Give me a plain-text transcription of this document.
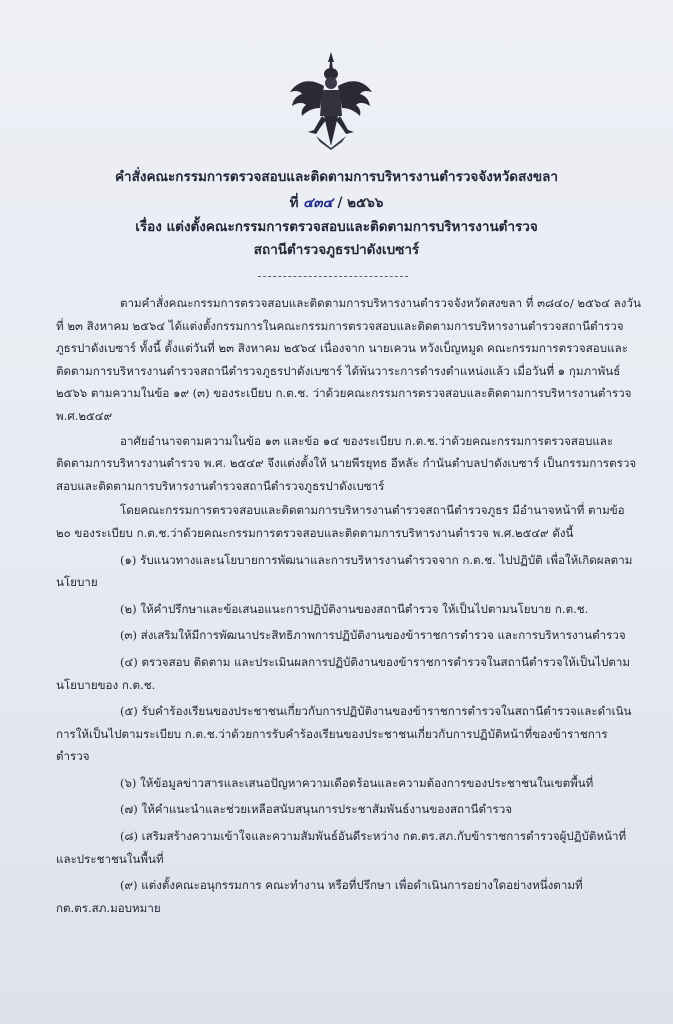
คำสั่งคณะกรรมการตรวจสอบและติดตามการบริหารงานตำรวจจังหวัดสงขลา
ที่ ๔๓๔ / ๒๕๖๖
เรื่อง แต่งตั้งคณะกรรมการตรวจสอบและติดตามการบริหารงานตำรวจ
สถานีตำรวจภูธรปาดังเบซาร์

ตามคำสั่งคณะกรรมการตรวจสอบและติดตามการบริหารงานตำรวจจังหวัดสงขลา ที่ ๓๘๔๐/ ๒๕๖๔ ลงวันที่ ๒๓ สิงหาคม ๒๕๖๔ ได้แต่งตั้งกรรมการในคณะกรรมการตรวจสอบและติดตามการบริหารงานตำรวจสถานีตำรวจภูธรปาดังเบซาร์ ทั้งนี้ ตั้งแต่วันที่ ๒๓ สิงหาคม ๒๕๖๔ เนื่องจาก นายเควน หวังเบ็ญหมูด คณะกรรมการตรวจสอบและติดตามการบริหารงานตำรวจสถานีตำรวจภูธรปาดังเบซาร์ ได้พ้นวาระการดำรงตำแหน่งแล้ว เมื่อวันที่ ๑ กุมภาพันธ์ ๒๕๖๖ ตามความในข้อ ๑๙ (๓) ของระเบียบ ก.ต.ช. ว่าด้วยคณะกรรมการตรวจสอบและติดตามการบริหารงานตำรวจ พ.ศ.๒๕๔๙

อาศัยอำนาจตามความในข้อ ๑๓ และข้อ ๑๔ ของระเบียบ ก.ต.ช.ว่าด้วยคณะกรรมการตรวจสอบและติดตามการบริหารงานตำรวจ พ.ศ. ๒๕๔๙ จึงแต่งตั้งให้ นายพีรยุทธ อีหลัะ กำนันตำบลปาดังเบซาร์ เป็นกรรมการตรวจสอบและติดตามการบริหารงานตำรวจสถานีตำรวจภูธรปาดังเบซาร์

โดยคณะกรรมการตรวจสอบและติดตามการบริหารงานตำรวจสถานีตำรวจภูธร มีอำนาจหน้าที่ ตามข้อ ๒๐ ของระเบียบ ก.ต.ช.ว่าด้วยคณะกรรมการตรวจสอบและติดตามการบริหารงานตำรวจ พ.ศ.๒๕๔๙ ดังนี้

(๑) รับแนวทางและนโยบายการพัฒนาและการบริหารงานตำรวจจาก ก.ต.ช. ไปปฏิบัติ เพื่อให้เกิดผลตามนโยบาย

(๒) ให้คำปรึกษาและข้อเสนอแนะการปฏิบัติงานของสถานีตำรวจ ให้เป็นไปตามนโยบาย ก.ต.ช.

(๓) ส่งเสริมให้มีการพัฒนาประสิทธิภาพการปฏิบัติงานของข้าราชการตำรวจ และการบริหารงานตำรวจ

(๔) ตรวจสอบ ติดตาม และประเมินผลการปฏิบัติงานของข้าราชการตำรวจในสถานีตำรวจให้เป็นไปตามนโยบายของ ก.ต.ช.

(๕) รับคำร้องเรียนของประชาชนเกี่ยวกับการปฏิบัติงานของข้าราชการตำรวจในสถานีตำรวจและดำเนินการให้เป็นไปตามระเบียบ ก.ต.ช.ว่าด้วยการรับคำร้องเรียนของประชาชนเกี่ยวกับการปฏิบัติหน้าที่ของข้าราชการตำรวจ

(๖) ให้ข้อมูลข่าวสารและเสนอปัญหาความเดือดร้อนและความต้องการของประชาชนในเขตพื้นที่

(๗) ให้คำแนะนำและช่วยเหลือสนับสนุนการประชาสัมพันธ์งานของสถานีตำรวจ

(๘) เสริมสร้างความเข้าใจและความสัมพันธ์อันดีระหว่าง กต.ตร.สภ.กับข้าราชการตำรวจผู้ปฏิบัติหน้าที่และประชาชนในพื้นที่

(๙) แต่งตั้งคณะอนุกรรมการ คณะทำงาน หรือที่ปรึกษา เพื่อดำเนินการอย่างใดอย่างหนึ่งตามที่ กต.ตร.สภ.มอบหมาย
